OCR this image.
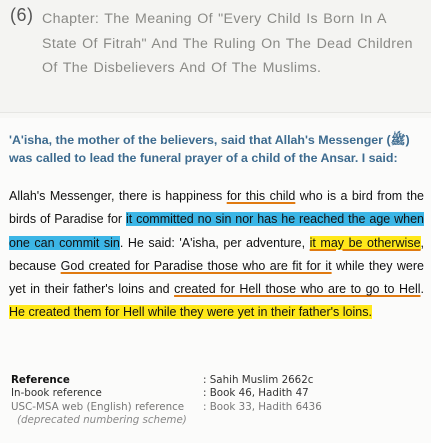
(6) Chapter: The Meaning Of "Every Child Is Born In A State Of Fitrah" And The Ruling On The Dead Children Of The Disbelievers And Of The Muslims.
'A'isha, the mother of the believers, said that Allah's Messenger (ﷺ) was called to lead the funeral prayer of a child of the Ansar. I said:
Allah's Messenger, there is happiness for this child who is a bird from the birds of Paradise for it committed no sin nor has he reached the age when one can commit sin. He said: 'A'isha, per adventure, it may be otherwise, because God created for Paradise those who are fit for it while they were yet in their father's loins and created for Hell those who are to go to Hell. He created them for Hell while they were yet in their father's loins.
Reference	: Sahih Muslim 2662c
In-book reference	: Book 46, Hadith 47
USC-MSA web (English) reference	: Book 33, Hadith 6436
(deprecated numbering scheme)
